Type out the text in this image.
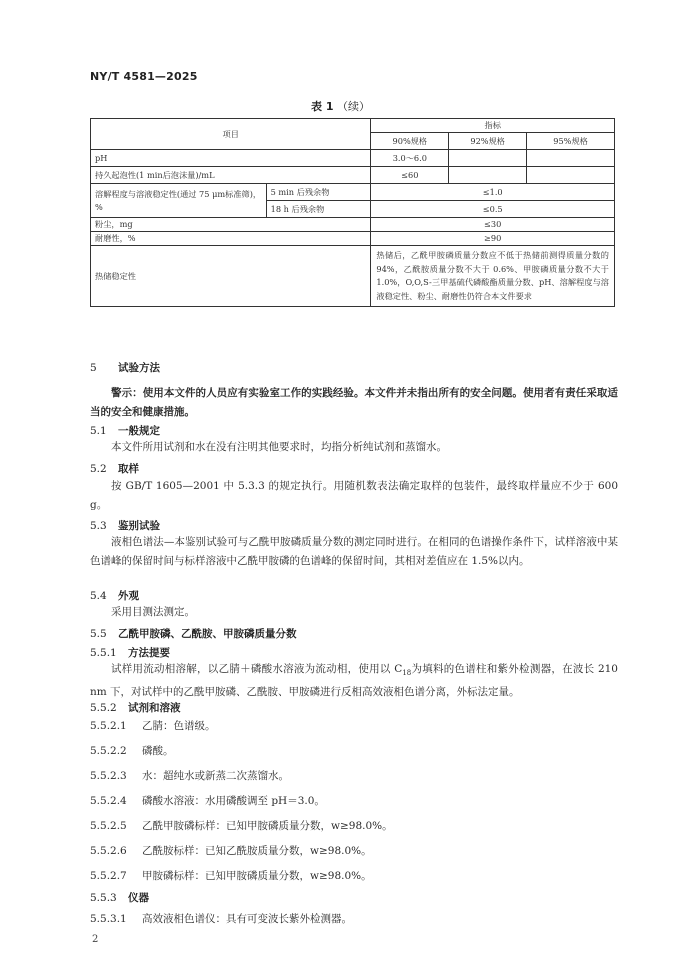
NY/T 4581—2025
表 1 （续）
项目		指标		
		90%规格	92%规格	95%规格
pH		3.0～6.0		
持久起泡性(1 min后泡沫量)/mL		≤60		
溶解程度与溶液稳定性(通过 75 μm标准筛)，%	5 min 后残余物	≤1.0		
	18 h 后残余物	≤0.5		
粉尘，mg		≤30		
耐磨性，%		≥90		
热储稳定性		热储后，乙酰甲胺磷质量分数应不低于热储前测得质量分数的 94%，乙酰胺质量分数不大于 0.6%、甲胺磷质量分数不大于 1.0%，O,O,S-三甲基硫代磷酸酯质量分数、pH、溶解程度与溶液稳定性、粉尘、耐磨性仍符合本文件要求		
5 试验方法
警示：使用本文件的人员应有实验室工作的实践经验。本文件并未指出所有的安全问题。使用者有责任采取适当的安全和健康措施。
5.1 一般规定
本文件所用试剂和水在没有注明其他要求时，均指分析纯试剂和蒸馏水。
5.2 取样
按 GB/T 1605—2001 中 5.3.3 的规定执行。用随机数表法确定取样的包装件，最终取样量应不少于 600 g。
5.3 鉴别试验
液相色谱法—本鉴别试验可与乙酰甲胺磷质量分数的测定同时进行。在相同的色谱操作条件下，试样溶液中某色谱峰的保留时间与标样溶液中乙酰甲胺磷的色谱峰的保留时间，其相对差值应在 1.5%以内。
5.4 外观
采用目测法测定。
5.5 乙酰甲胺磷、乙酰胺、甲胺磷质量分数
5.5.1 方法提要
试样用流动相溶解，以乙腈＋磷酸水溶液为流动相，使用以 $C_{18}$为填料的色谱柱和紫外检测器，在波长 210 nm 下，对试样中的乙酰甲胺磷、乙酰胺、甲胺磷进行反相高效液相色谱分离，外标法定量。
5.5.2 试剂和溶液
5.5.2.1 乙腈：色谱级。
5.5.2.2 磷酸。
5.5.2.3 水：超纯水或新蒸二次蒸馏水。
5.5.2.4 磷酸水溶液：水用磷酸调至 pH＝3.0。
5.5.2.5 乙酰甲胺磷标样：已知甲胺磷质量分数，w≥98.0%。
5.5.2.6 乙酰胺标样：已知乙酰胺质量分数，w≥98.0%。
5.5.2.7 甲胺磷标样：已知甲胺磷质量分数，w≥98.0%。
5.5.3 仪器
5.5.3.1 高效液相色谱仪：具有可变波长紫外检测器。
2
